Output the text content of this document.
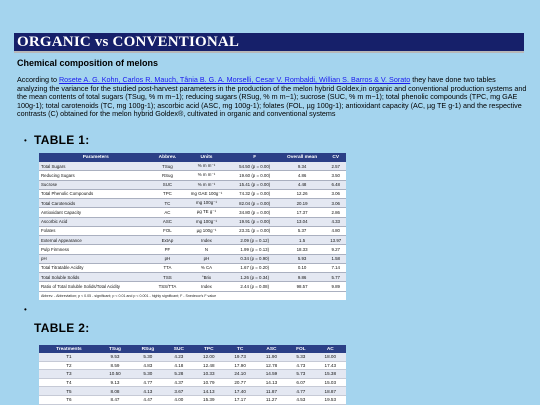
ORGANIC vs CONVENTIONAL
Chemical composition of melons
According to Rosete A. G. Kohn, Carlos R. Mauch, Tânia B. G. A. Morselli, Cesar V. Rombaldi, Willian S. Barros & V. Sorato they have done two tables analyzing the variance for the studied post-harvest parameters in the production of the melon hybrid Goldex,in organic and conventional production systems and the mean contents of total sugars (TSug, % m m−1); reducing sugars (RSug, % m m−1); sucrose (SUC, % m m−1); total phenolic compounds (TPC, mg GAE 100g-1); total carotenoids (TC, mg 100g-1); ascorbic acid (ASC, mg 100g-1); folates (FOL, µg 100g-1); antioxidant capacity (AC, µg TE g-1) and the respective contrasts (C) obtained for the melon hybrid Goldex®, cultivated in organic and conventional systems
• TABLE 1:
Parameters	Abbrev.	Units	F	Overall mean	CV
Total Sugars	TSug	% m m⁻¹	54.50 (p = 0.00)	9.34	2.57
Reducing Sugars	RSug	% m m⁻¹	19.60 (p = 0.00)	4.86	3.50
Sucrose	SUC	% m m⁻¹	15.41 (p = 0.00)	4.48	6.48
Total Phenolic Compounds	TPC	mg GAE 100g⁻¹	74.32 (p = 0.00)	12.26	3.06
Total Carotenoids	TC	mg 100g⁻¹	82.04 (p = 0.00)	20.19	3.06
Antioxidant Capacity	AC	µg TE g⁻¹	34.80 (p = 0.00)	17.37	2.86
Ascorbic Acid	ASC	mg 100g⁻¹	19.91 (p = 0.00)	13.04	4.33
Folates	FOL	µg 100g⁻¹	23.31 (p = 0.00)	5.37	4.80
External Appearance	ExtAp	Index	2.09 (p = 0.12)	1.5	13.97
Pulp Firmness	PF	N	1.99 (p = 0.13)	18.33	9.27
pH	pH	pH	0.34 (p = 0.90)	5.93	1.58
Total Titratable Acidity	TTA	% CA	1.67 (p = 0.20)	0.10	7.14
Total Soluble Solids	TSS	°Brix	1.26 (p = 0.34)	9.86	5.77
Ratio of Total Soluble Solids/Total Acidity	TSS/TTA	Index	2.44 (p = 0.08)	98.57	9.89
Abbrev. - Abbreviation; p < 0.05 - significant; p < 0.01 and p < 0.001 - highly significant; F - Snedecor's F value					
•
TABLE 2:
Treatments	TSug	RSug	SUC	TPC	TC	ASC	FOL	AC
T1	9.53	5.30	4.23	12.00	19.73	11.90	5.33	18.00
T2	8.59	4.83	4.18	12.48	17.90	12.78	4.73	17.43
T3	10.50	5.30	5.28	10.33	24.10	14.59	5.73	15.38
T4	9.13	4.77	4.37	10.79	20.77	14.13	6.07	15.03
T5	8.08	4.13	3.67	14.13	17.40	11.87	4.77	18.87
T6	8.47	4.47	4.00	15.39	17.17	11.27	4.53	19.53
